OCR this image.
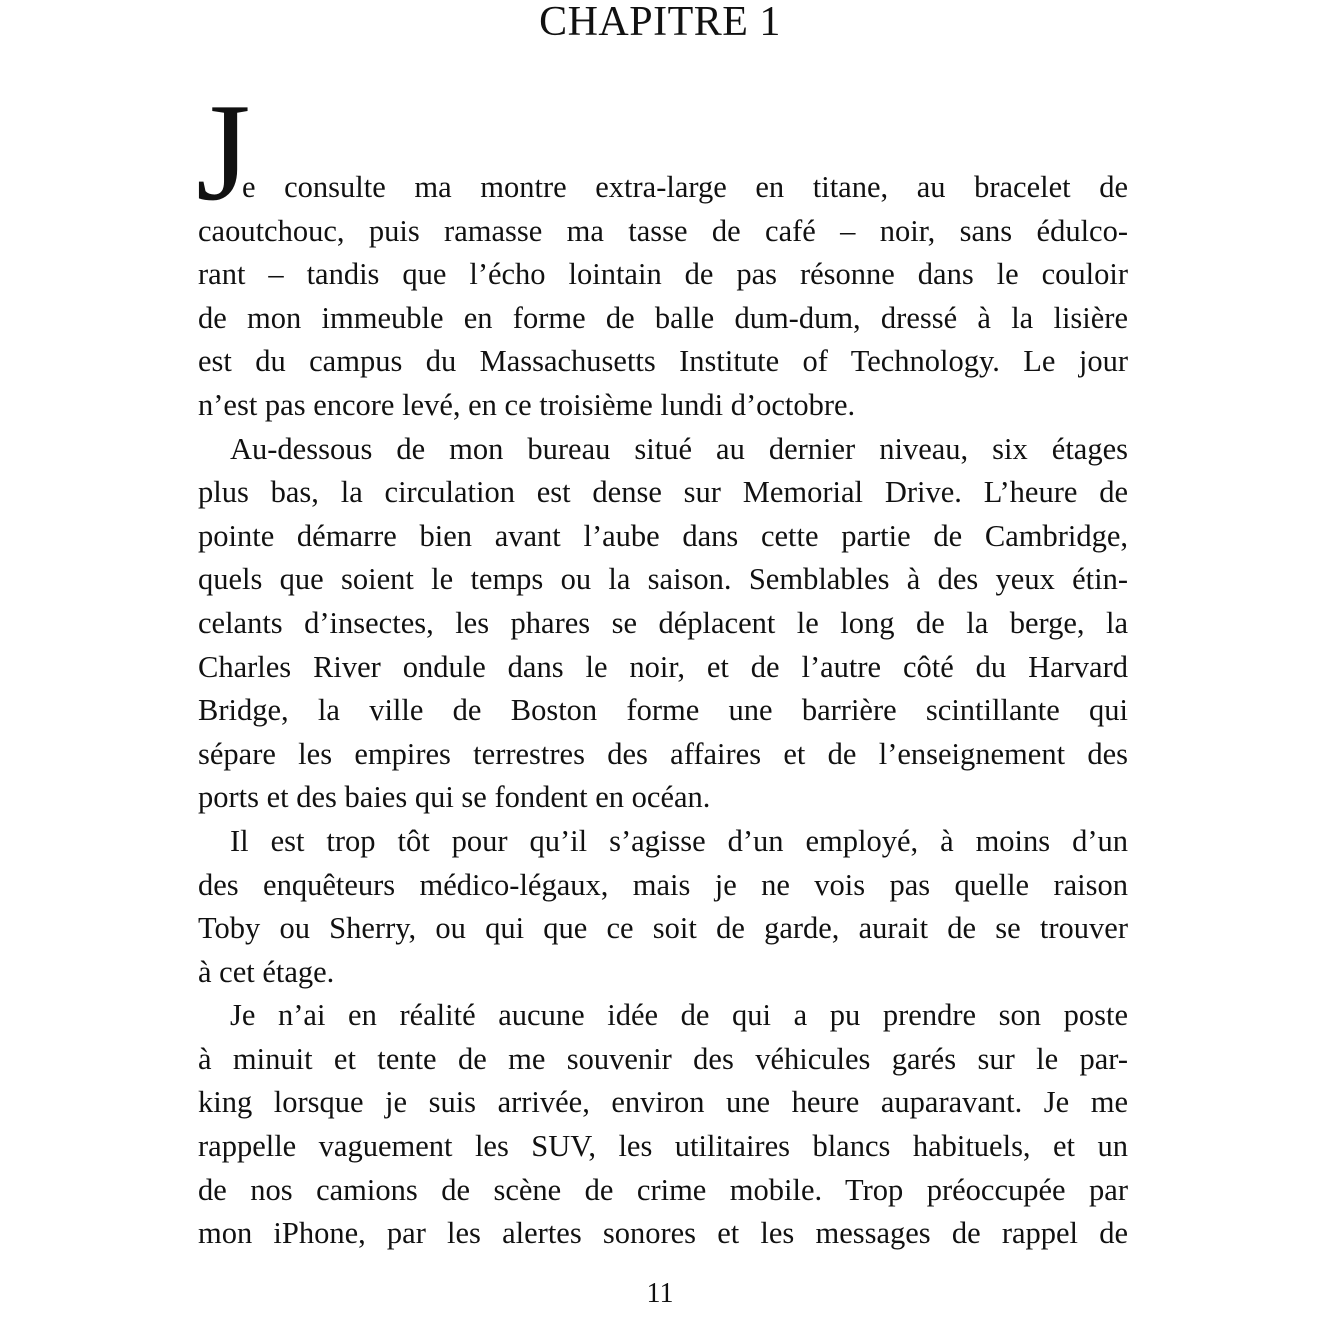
CHAPITRE 1
J
e consulte ma montre extra-large en titane, au bracelet de
caoutchouc, puis ramasse ma tasse de café – noir, sans édulco-
rant – tandis que l’écho lointain de pas résonne dans le couloir
de mon immeuble en forme de balle dum-dum, dressé à la lisière
est du campus du Massachusetts Institute of Technology. Le jour
n’est pas encore levé, en ce troisième lundi d’octobre.
Au-dessous de mon bureau situé au dernier niveau, six étages
plus bas, la circulation est dense sur Memorial Drive. L’heure de
pointe démarre bien avant l’aube dans cette partie de Cambridge,
quels que soient le temps ou la saison. Semblables à des yeux étin-
celants d’insectes, les phares se déplacent le long de la berge, la
Charles River ondule dans le noir, et de l’autre côté du Harvard
Bridge, la ville de Boston forme une barrière scintillante qui
sépare les empires terrestres des affaires et de l’enseignement des
ports et des baies qui se fondent en océan.
Il est trop tôt pour qu’il s’agisse d’un employé, à moins d’un
des enquêteurs médico-légaux, mais je ne vois pas quelle raison
Toby ou Sherry, ou qui que ce soit de garde, aurait de se trouver
à cet étage.
Je n’ai en réalité aucune idée de qui a pu prendre son poste
à minuit et tente de me souvenir des véhicules garés sur le par-
king lorsque je suis arrivée, environ une heure auparavant. Je me
rappelle vaguement les SUV, les utilitaires blancs habituels, et un
de nos camions de scène de crime mobile. Trop préoccupée par
mon iPhone, par les alertes sonores et les messages de rappel de
11
